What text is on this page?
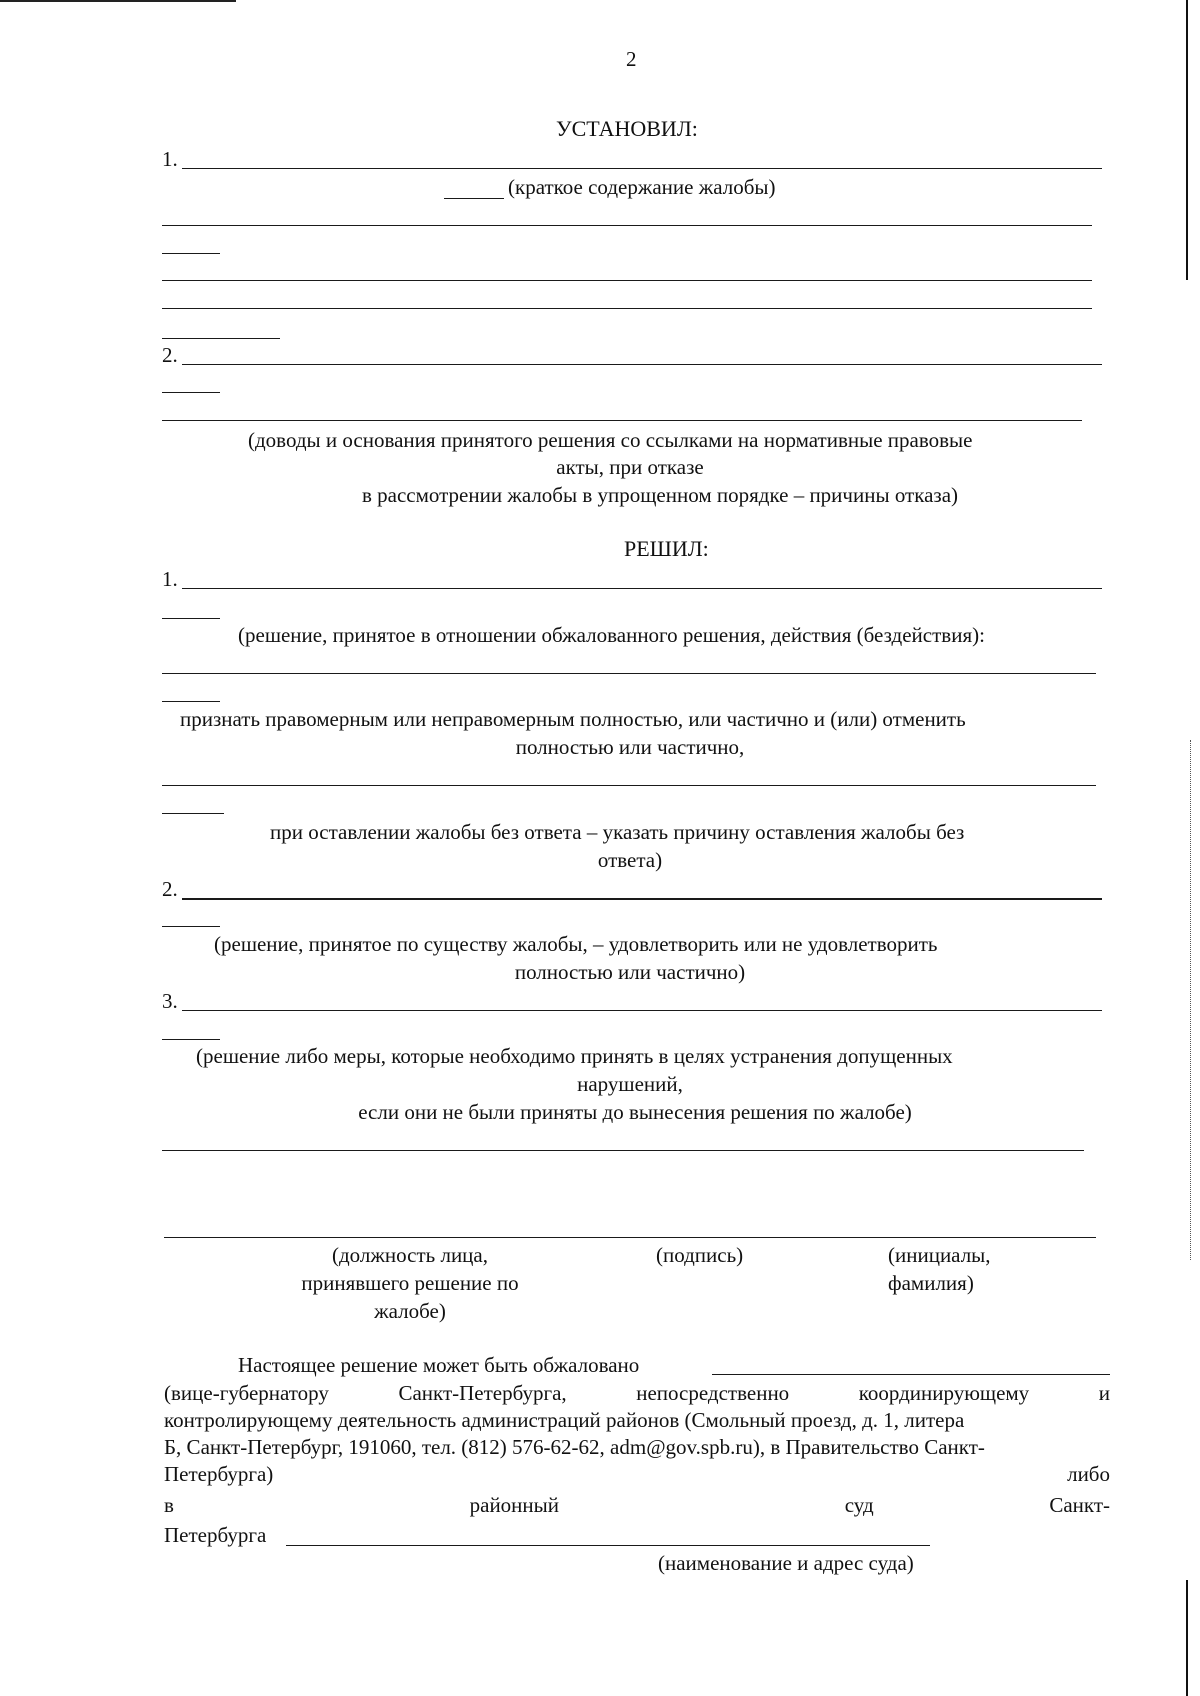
2
УСТАНОВИЛ:
1.
(краткое содержание жалобы)
2.
(доводы и основания принятого решения со ссылками на нормативные правовые
акты, при отказе
в рассмотрении жалобы в упрощенном порядке – причины отказа)
РЕШИЛ:
1.
(решение, принятое в отношении обжалованного решения, действия (бездействия):
признать правомерным или неправомерным полностью, или частично и (или) отменить
полностью или частично,
при оставлении жалобы без ответа – указать причину оставления жалобы без
ответа)
2.
(решение, принятое по существу жалобы, – удовлетворить или не удовлетворить
полностью или частично)
3.
(решение либо меры, которые необходимо принять в целях устранения допущенных
нарушений,
если они не были приняты до вынесения решения по жалобе)
(должность лица,
принявшего решение по
жалобе)
(подпись)	(инициалы,
фамилия)
Настоящее решение может быть обжаловано
(вице-губернатору	Санкт-Петербурга,	непосредственно	координирующему	и
контролирующему деятельность администраций районов (Смольный проезд, д. 1, литера
Б, Санкт-Петербург, 191060, тел. (812) 576-62-62, adm@gov.spb.ru), в Правительство Санкт-
Петербурга)	либо
в	районный	суд	Санкт-
Петербурга
(наименование и адрес суда)
